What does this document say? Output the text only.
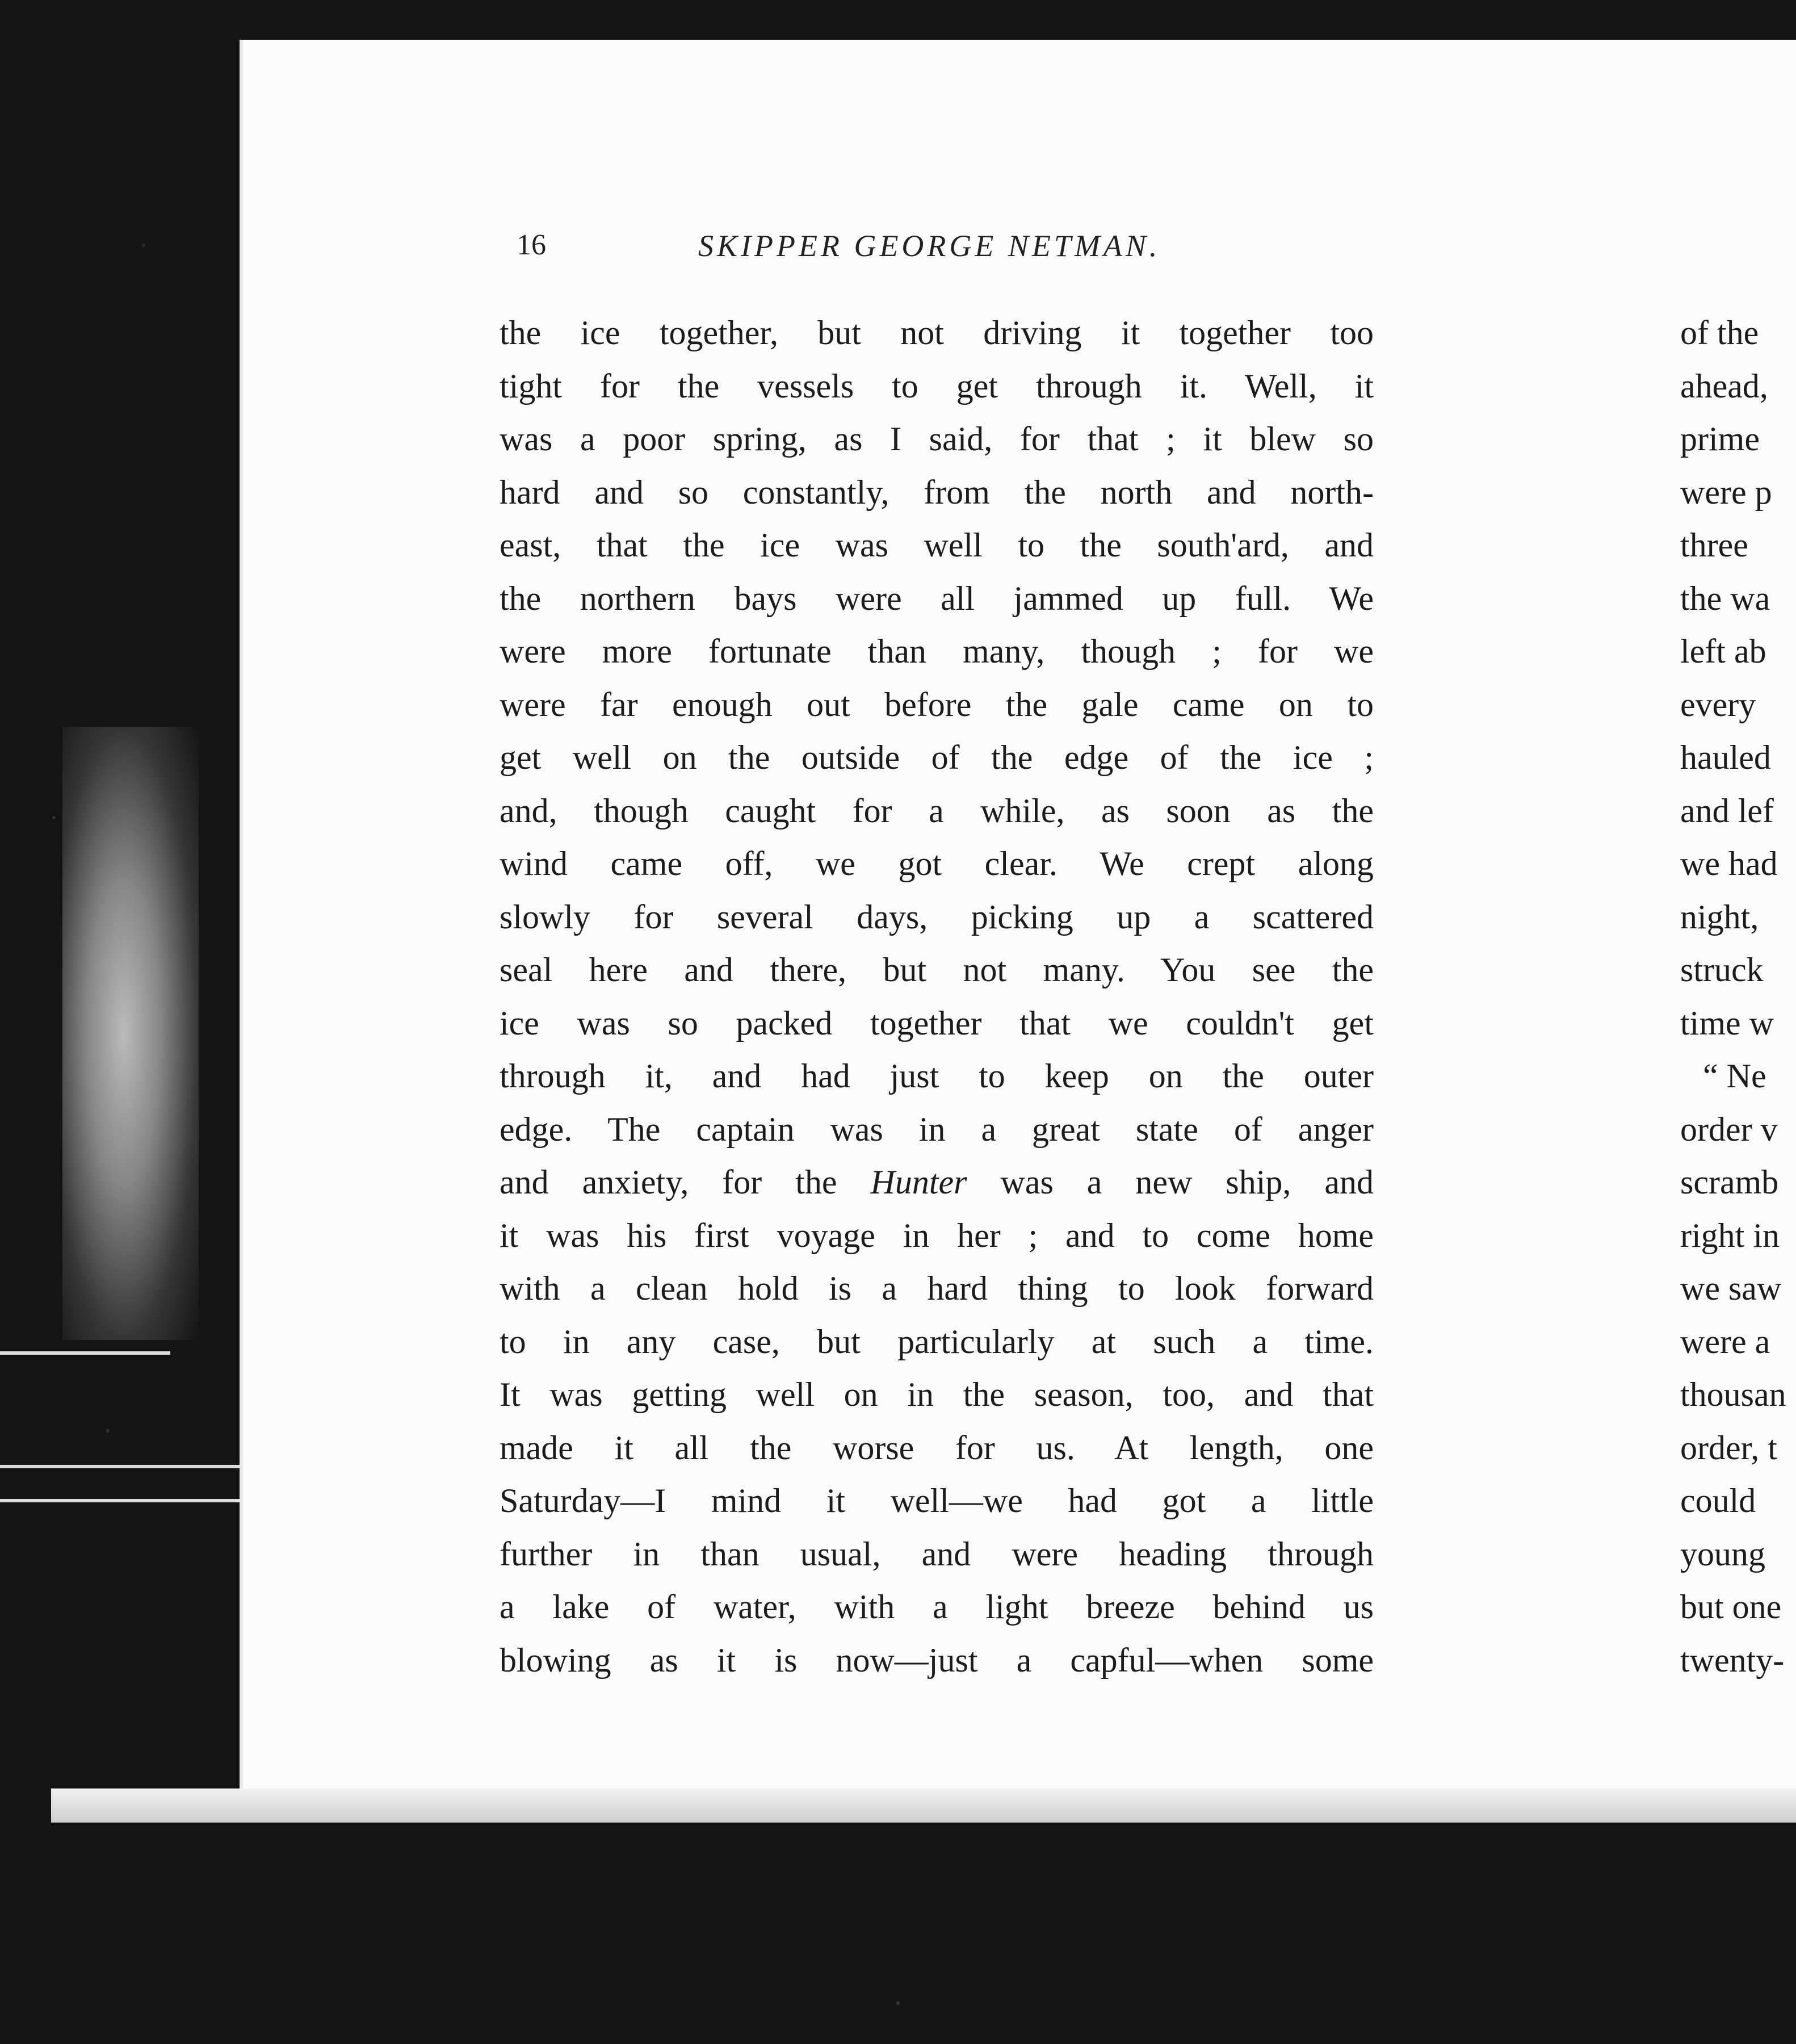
16	SKIPPER GEORGE NETMAN.
the ice together, but not driving it together too
tight for the vessels to get through it. Well, it
was a poor spring, as I said, for that ; it blew so
hard and so constantly, from the north and north-
east, that the ice was well to the south'ard, and
the northern bays were all jammed up full. We
were more fortunate than many, though ; for we
were far enough out before the gale came on to
get well on the outside of the edge of the ice ;
and, though caught for a while, as soon as the
wind came off, we got clear. We crept along
slowly for several days, picking up a scattered
seal here and there, but not many. You see the
ice was so packed together that we couldn't get
through it, and had just to keep on the outer
edge. The captain was in a great state of anger
and anxiety, for the Hunter was a new ship, and
it was his first voyage in her ; and to come home
with a clean hold is a hard thing to look forward
to in any case, but particularly at such a time.
It was getting well on in the season, too, and that
made it all the worse for us. At length, one
Saturday—I mind it well—we had got a little
further in than usual, and were heading through
a lake of water, with a light breeze behind us
blowing as it is now—just a capful—when some
of the
ahead,
prime
were p
three
the wa
left ab
every
hauled
and lef
we had
night,
struck
time w
“ Ne
order v
scramb
right in
we saw
were a
thousan
order, t
could
young
but one
twenty-
